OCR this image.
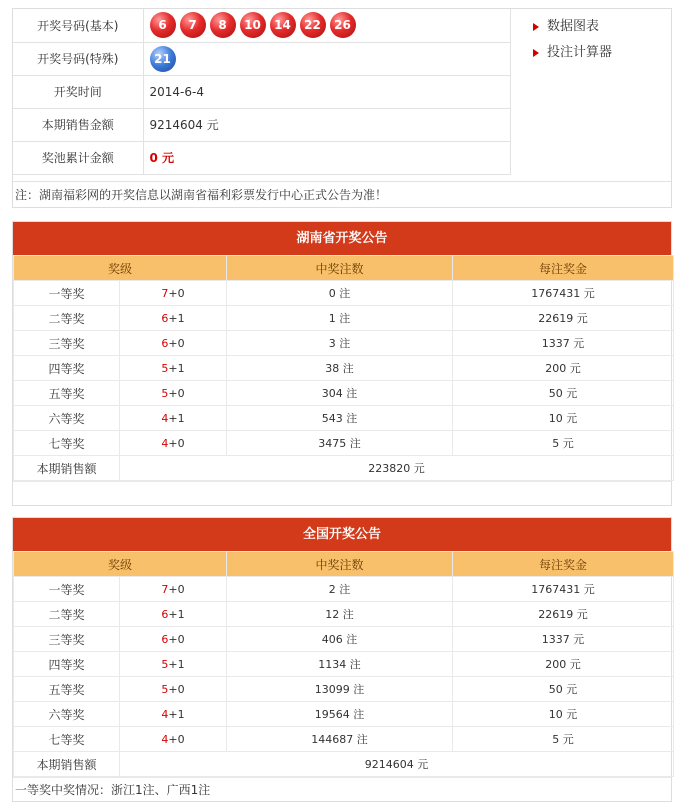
开奖号码(基本)	6 7 8 10 14 22 26
开奖号码(特殊)	21
开奖时间	2014-6-4
本期销售金额	9214604 元
奖池累计金额	0 元
数据图表
投注计算器
注：湖南福彩网的开奖信息以湖南省福利彩票发行中心正式公告为准！
湖南省开奖公告
奖级		中奖注数	每注奖金
一等奖	7+0	0 注	1767431 元
二等奖	6+1	1 注	22619 元
三等奖	6+0	3 注	1337 元
四等奖	5+1	38 注	200 元
五等奖	5+0	304 注	50 元
六等奖	4+1	543 注	10 元
七等奖	4+0	3475 注	5 元
本期销售额	223820 元		
全国开奖公告
奖级		中奖注数	每注奖金
一等奖	7+0	2 注	1767431 元
二等奖	6+1	12 注	22619 元
三等奖	6+0	406 注	1337 元
四等奖	5+1	1134 注	200 元
五等奖	5+0	13099 注	50 元
六等奖	4+1	19564 注	10 元
七等奖	4+0	144687 注	5 元
本期销售额	9214604 元		
一等奖中奖情况：浙江1注、广西1注
